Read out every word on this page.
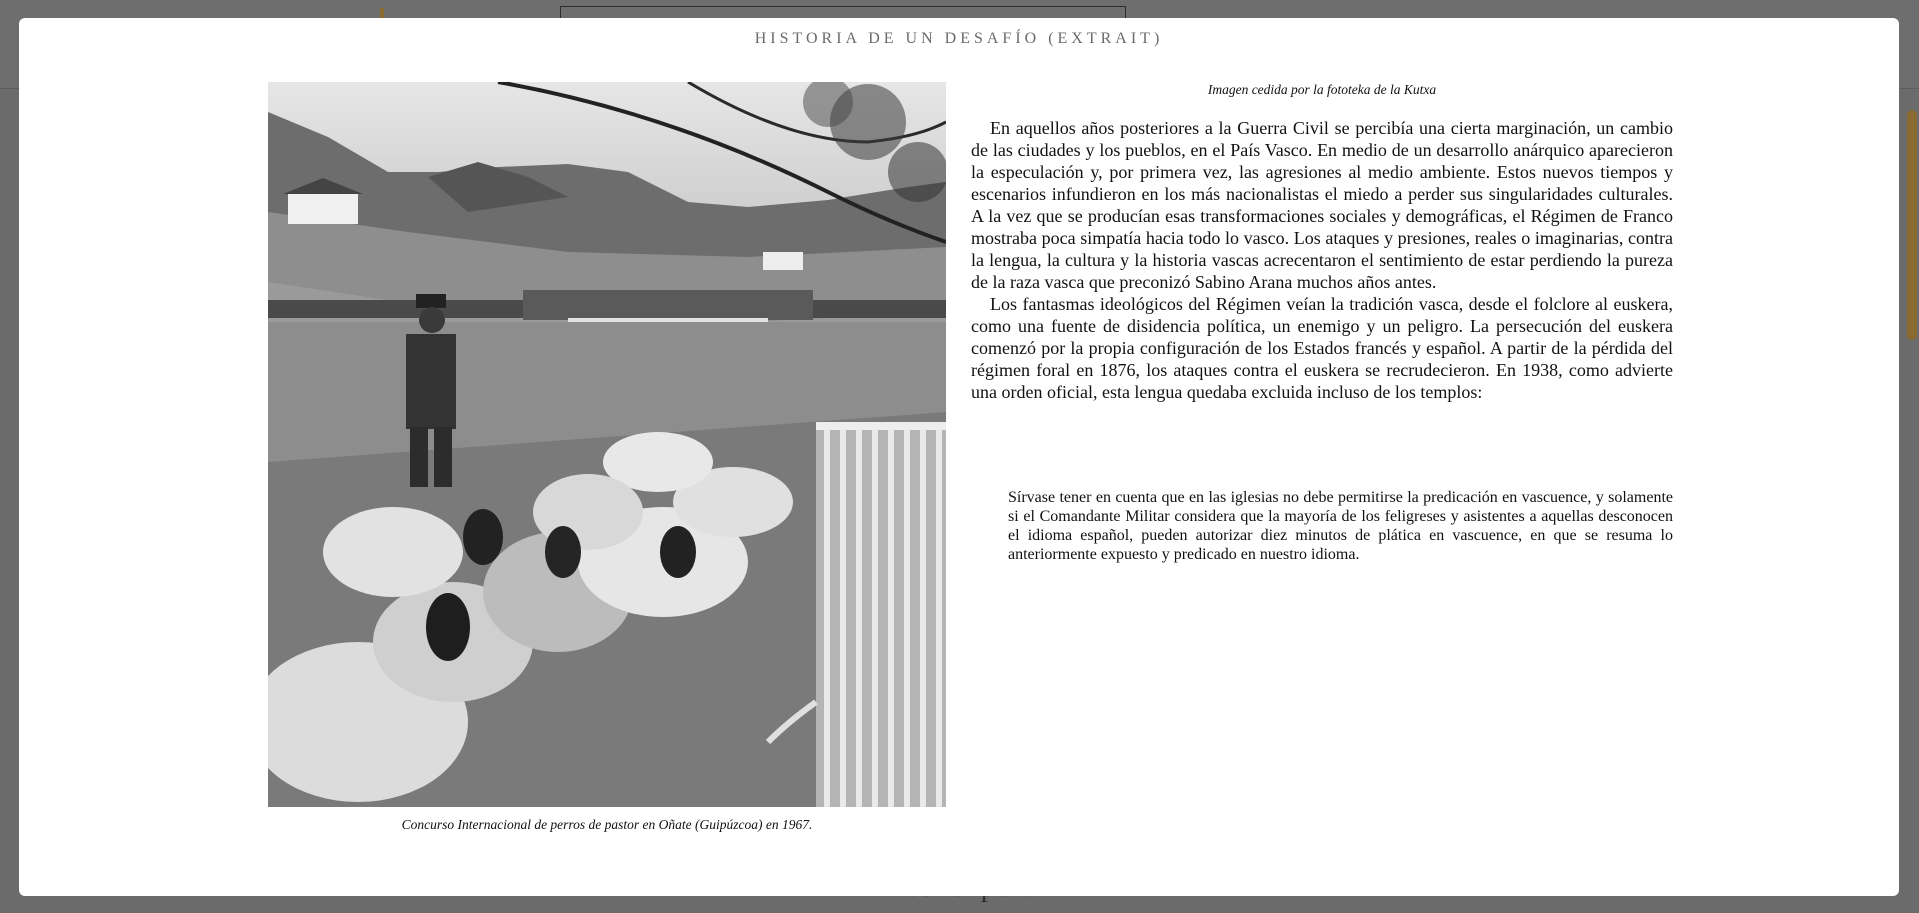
HISTORIA DE UN DESAFÍO (EXTRAIT)
Concurso Internacional de perros de pastor en Oñate (Guipúzcoa) en 1967.
Imagen cedida por la fototeka de la Kutxa

En aquellos años posteriores a la Guerra Civil se percibía una cierta marginación, un cambio de las ciudades y los pueblos, en el País Vasco. En medio de un desarrollo anárquico aparecieron la especulación y, por primera vez, las agresiones al medio ambiente. Estos nuevos tiempos y escenarios infundieron en los más nacionalistas el miedo a perder sus singularidades culturales. A la vez que se producían esas transformaciones sociales y demográficas, el Régimen de Franco mostraba poca simpatía hacia todo lo vasco. Los ataques y presiones, reales o imaginarias, contra la lengua, la cultura y la historia vascas acrecentaron el sentimiento de estar perdiendo la pureza de la raza vasca que preconizó Sabino Arana muchos años antes.

Los fantasmas ideológicos del Régimen veían la tradición vasca, desde el folclore al euskera, como una fuente de disidencia política, un enemigo y un peligro. La persecución del euskera comenzó por la propia configuración de los Estados francés y español. A partir de la pérdida del régimen foral en 1876, los ataques contra el euskera se recrudecieron. En 1938, como advierte una orden oficial, esta lengua quedaba excluida incluso de los templos:

Sírvase tener en cuenta que en las iglesias no debe permitirse la predicación en vascuence, y solamente si el Comandante Militar considera que la mayoría de los feligreses y asistentes a aquellas desconocen el idioma español, pueden autorizar diez minutos de plática en vascuence, en que se resuma lo anteriormente expuesto y predicado en nuestro idioma.
